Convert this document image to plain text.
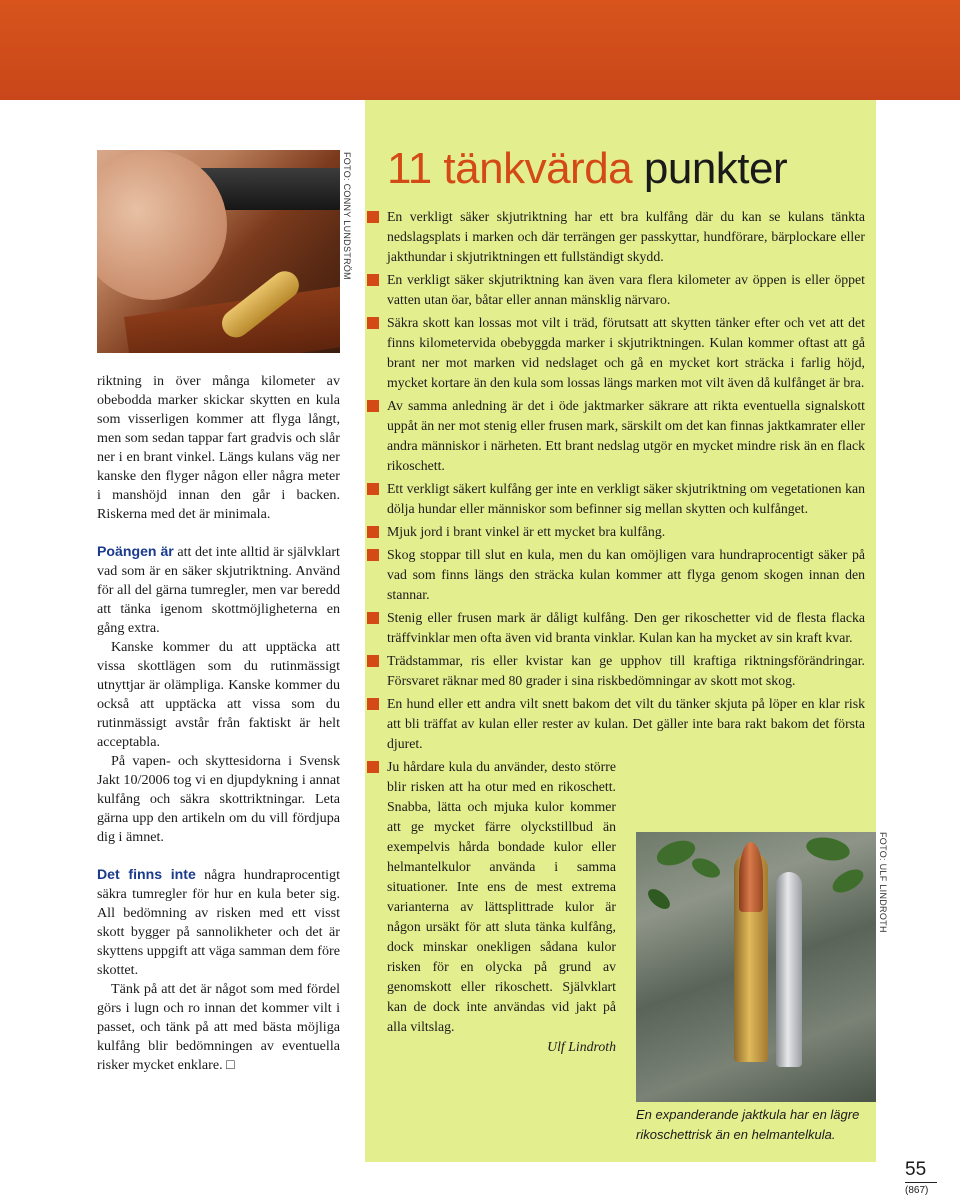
FOTO: CONNY LUNDSTRÖM

riktning in över många kilometer av obebodda marker skickar skytten en kula som visserligen kommer att flyga långt, men som sedan tappar fart gradvis och slår ner i en brant vinkel. Längs kulans väg ner kanske den flyger någon eller några meter i manshöjd innan den går i backen. Riskerna med det är minimala.

Poängen är att det inte alltid är självklart vad som är en säker skjutriktning. Använd för all del gärna tumregler, men var beredd att tänka igenom skottmöjligheterna en gång extra.

Kanske kommer du att upptäcka att vissa skottlägen som du rutinmässigt utnyttjar är olämpliga. Kanske kommer du också att upptäcka att vissa som du rutinmässigt avstår från faktiskt är helt acceptabla.

På vapen- och skyttesidorna i Svensk Jakt 10/2006 tog vi en djupdykning i annat kulfång och säkra skottriktningar. Leta gärna upp den artikeln om du vill fördjupa dig i ämnet.

Det finns inte några hundraprocentigt säkra tumregler för hur en kula beter sig. All bedömning av risken med ett visst skott bygger på sannolikheter och det är skyttens uppgift att väga samman dem före skottet.

Tänk på att det är något som med fördel görs i lugn och ro innan det kommer vilt i passet, och tänk på att med bästa möjliga kulfång blir bedömningen av eventuella risker mycket enklare. □

11 tänkvärda punkter
En verkligt säker skjutriktning har ett bra kulfång där du kan se kulans tänkta nedslagsplats i marken och där terrängen ger passkyttar, hundförare, bärplockare eller jakthundar i skjutriktningen ett fullständigt skydd.
En verkligt säker skjutriktning kan även vara flera kilometer av öppen is eller öppet vatten utan öar, båtar eller annan mänsklig närvaro.
Säkra skott kan lossas mot vilt i träd, förutsatt att skytten tänker efter och vet att det finns kilometervida obebyggda marker i skjutriktningen. Kulan kommer oftast att gå brant ner mot marken vid nedslaget och gå en mycket kort sträcka i farlig höjd, mycket kortare än den kula som lossas längs marken mot vilt även då kulfånget är bra.
Av samma anledning är det i öde jaktmarker säkrare att rikta eventuella signalskott uppåt än ner mot stenig eller frusen mark, särskilt om det kan finnas jaktkamrater eller andra människor i närheten. Ett brant nedslag utgör en mycket mindre risk än en flack rikoschett.
Ett verkligt säkert kulfång ger inte en verkligt säker skjutriktning om vegetationen kan dölja hundar eller människor som befinner sig mellan skytten och kulfånget.
Mjuk jord i brant vinkel är ett mycket bra kulfång.
Skog stoppar till slut en kula, men du kan omöjligen vara hundraprocentigt säker på vad som finns längs den sträcka kulan kommer att flyga genom skogen innan den stannar.
Stenig eller frusen mark är dåligt kulfång. Den ger rikoschetter vid de flesta flacka träffvinklar men ofta även vid branta vinklar. Kulan kan ha mycket av sin kraft kvar.
Trädstammar, ris eller kvistar kan ge upphov till kraftiga riktningsförändringar. Försvaret räknar med 80 grader i sina riskbedömningar av skott mot skog.
En hund eller ett andra vilt snett bakom det vilt du tänker skjuta på löper en klar risk att bli träffat av kulan eller rester av kulan. Det gäller inte bara rakt bakom det första djuret.
Ju hårdare kula du använder, desto större blir risken att ha otur med en rikoschett. Snabba, lätta och mjuka kulor kommer att ge mycket färre olyckstillbud än exempelvis hårda bondade kulor eller helmantelkulor använda i samma situationer. Inte ens de mest extrema varianterna av lättsplittrade kulor är någon ursäkt för att sluta tänka kulfång, dock minskar onekligen sådana kulor risken för en olycka på grund av genomskott eller rikoschett. Självklart kan de dock inte användas vid jakt på alla viltslag.
Ulf Lindroth
FOTO: ULF LINDROTH

En expanderande jaktkula har en lägre rikoschettrisk än en helmantelkula.

55
(867)
